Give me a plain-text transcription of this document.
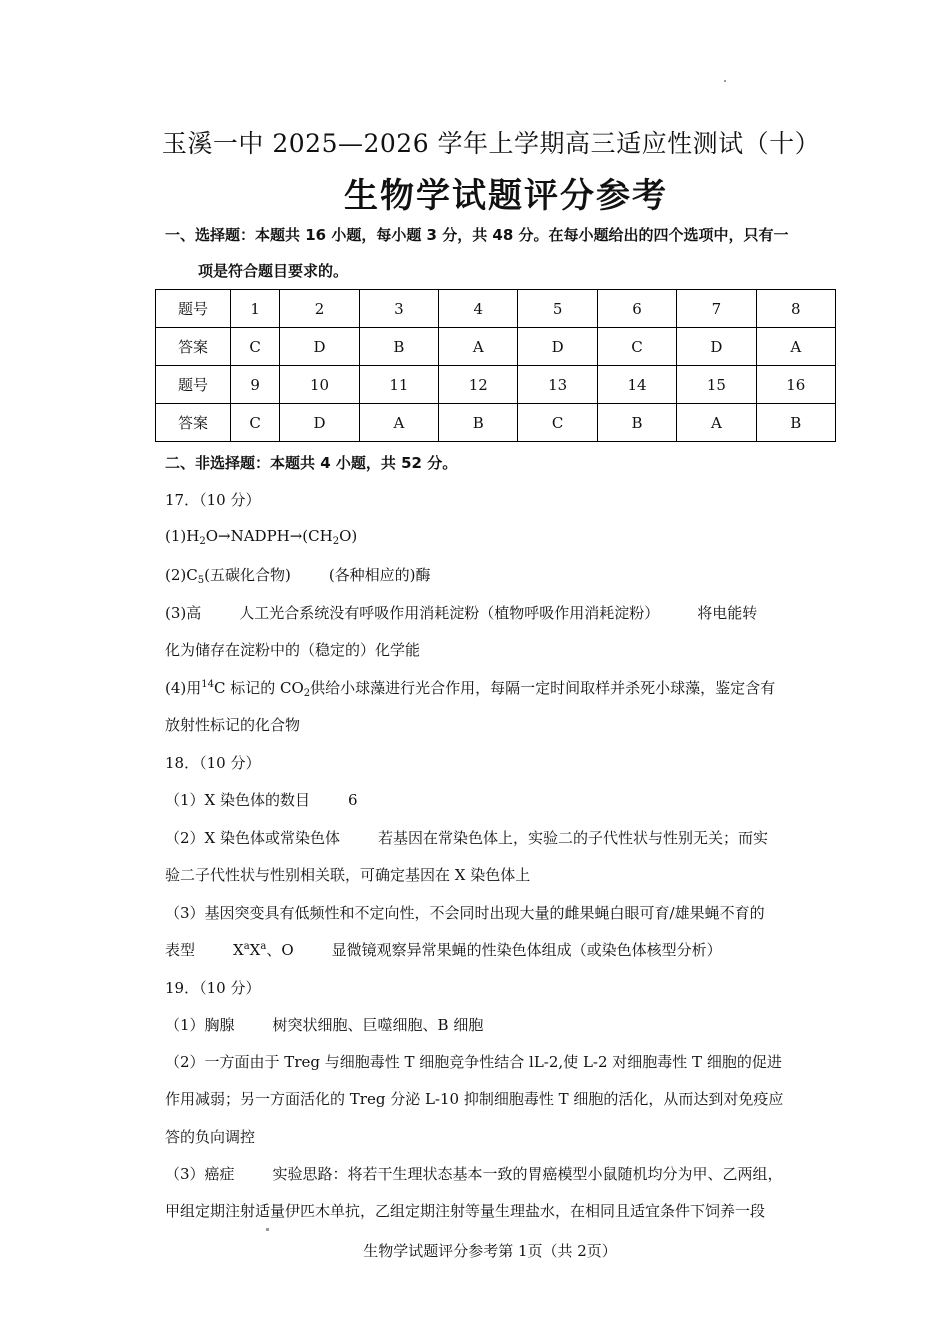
玉溪一中 2025—2026 学年上学期高三适应性测试（十）
生物学试题评分参考
一、选择题：本题共 16 小题，每小题 3 分，共 48 分。在每小题给出的四个选项中，只有一
项是符合题目要求的。
题号	1	2	3	4	5	6	7	8
答案	C	D	B	A	D	C	D	A
题号	9	10	11	12	13	14	15	16
答案	C	D	A	B	C	B	A	B
二、非选择题：本题共 4 小题，共 52 分。
17．（10 分）
$(1)H_2O\to NADPH\to(CH_2O)$
$(2)C_5$(五碳化合物)	(各种相应的)酶
(3)高	人工光合系统没有呼吸作用消耗淀粉（植物呼吸作用消耗淀粉）	将电能转
化为储存在淀粉中的（稳定的）化学能
(4)用$^{14}$C 标记的 $CO_2$供给小球藻进行光合作用，每隔一定时间取样并杀死小球藻，鉴定含有
放射性标记的化合物
18．（10 分）
（1）X 染色体的数目	6
（2）X 染色体或常染色体	若基因在常染色体上，实验二的子代性状与性别无关；而实
验二子代性状与性别相关联，可确定基因在 X 染色体上
（3）基因突变具有低频性和不定向性，不会同时出现大量的雌果蝇白眼可育/雄果蝇不育的
表型	$X^aX^a$、O	显微镜观察异常果蝇的性染色体组成（或染色体核型分析）
19．（10 分）
（1）胸腺	树突状细胞、巨噬细胞、B 细胞
（2）一方面由于 Treg 与细胞毒性 T 细胞竞争性结合 lL-2,使 L-2 对细胞毒性 T 细胞的促进
作用减弱；另一方面活化的 Treg 分泌 L-10 抑制细胞毒性 T 细胞的活化，从而达到对免疫应
答的负向调控
（3）癌症	实验思路：将若干生理状态基本一致的胃癌模型小鼠随机均分为甲、乙两组，
甲组定期注射适量伊匹木单抗，乙组定期注射等量生理盐水，在相同且适宜条件下饲养一段
生物学试题评分参考第 1页（共 2页）
